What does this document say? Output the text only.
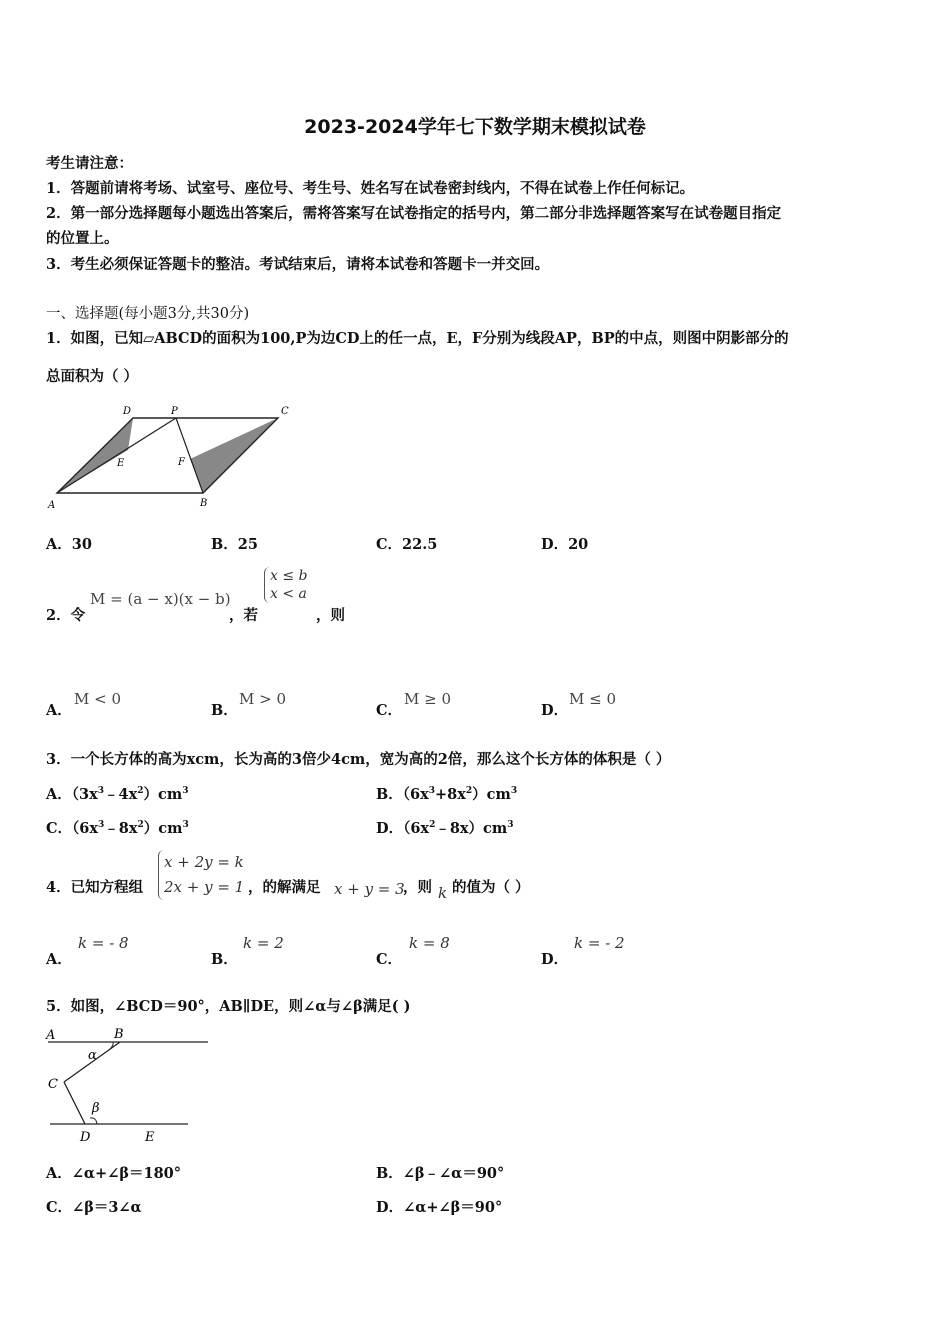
2023-2024学年七下数学期末模拟试卷
考生请注意：
1．答题前请将考场、试室号、座位号、考生号、姓名写在试卷密封线内，不得在试卷上作任何标记。
2．第一部分选择题每小题选出答案后，需将答案写在试卷指定的括号内，第二部分非选择题答案写在试卷题目指定
的位置上。
3．考生必须保证答题卡的整洁。考试结束后，请将本试卷和答题卡一并交回。
一、选择题(每小题3分,共30分)
1．如图，已知▱ABCD的面积为100,P为边CD上的任一点，E，F分别为线段AP，BP的中点，则图中阴影部分的
总面积为（ ）
D	P	C
E	F
A	B
A．30	B．25	C．22.5	D．20
2．令
M = (a − x)(x − b)
，若
x ≤ b
x < a
，则
A．
M < 0
B．
M > 0
C．
M ≥ 0
D．
M ≤ 0
3．一个长方体的高为xcm，长为高的3倍少4cm，宽为高的2倍，那么这个长方体的体积是（ ）
A．$(3x^3﹣4x^2)cm^3$	B．$(6x^3+8x^2)cm^3$
C．$(6x^3﹣8x^2)cm^3$	D．$(6x^2﹣8x)cm^3$
4．已知方程组
x + 2y = k
2x + y = 1 ，的解满足 x + y = 3
，则 k 的值为（ ）
A．
k = - 8
B．
k = 2
C．
k = 8
D．
k = - 2
5．如图，∠BCD＝90°，AB∥DE，则∠α与∠β满足( )
A	B
α
C
β
D	E
A．∠α+∠β＝180°	B．∠β﹣∠α＝90°
C．∠β＝3∠α	D．∠α+∠β＝90°
